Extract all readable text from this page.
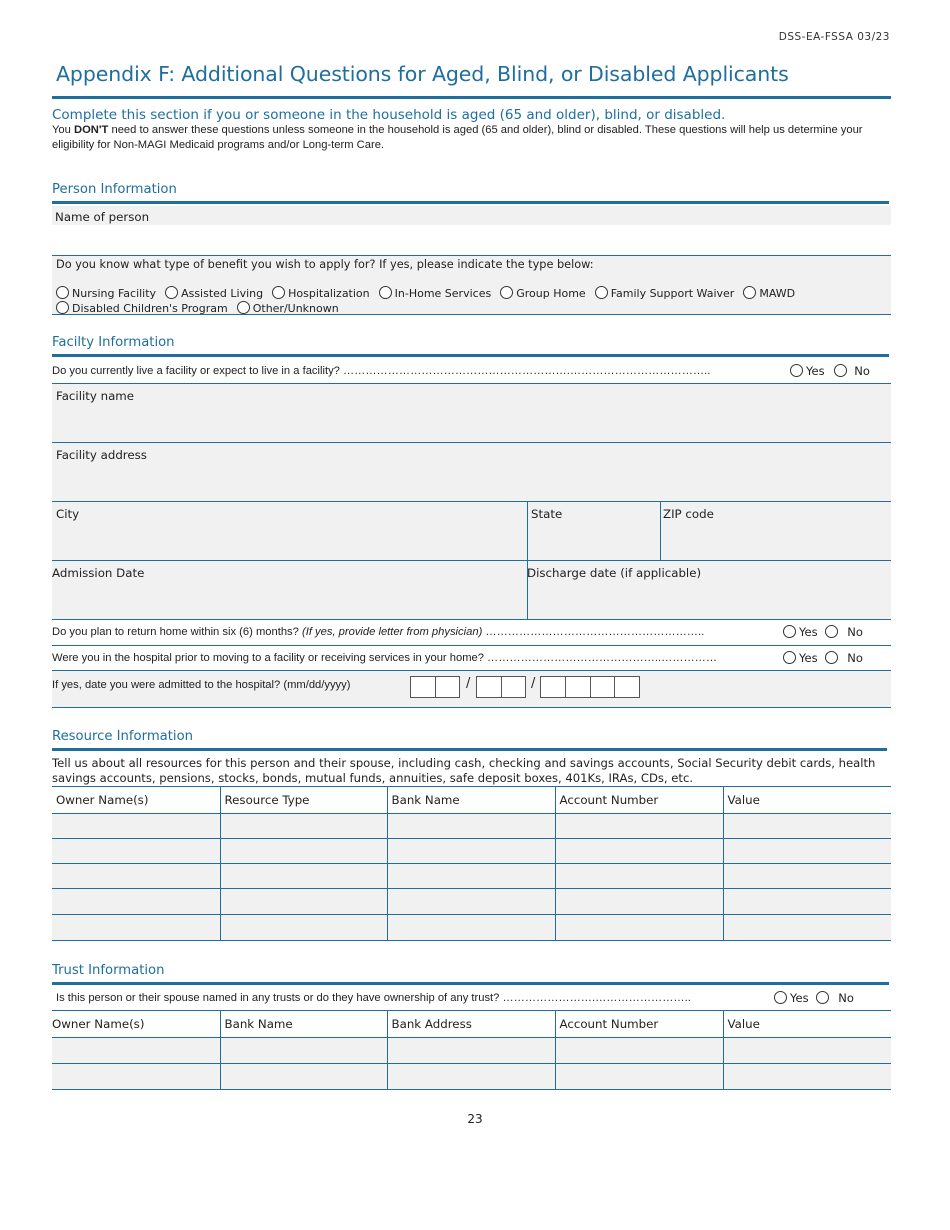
DSS-EA-FSSA 03/23
Appendix F: Additional Questions for Aged, Blind, or Disabled Applicants
Complete this section if you or someone in the household is aged (65 and older), blind, or disabled.
You DON'T need to answer these questions unless someone in the household is aged (65 and older), blind or disabled. These questions will help us determine your eligibility for Non-MAGI Medicaid programs and/or Long-term Care.
Person Information
Name of person
Do you know what type of benefit you wish to apply for? If yes, please indicate the type below:
Nursing Facility Assisted Living Hospitalization In-Home Services Group Home Family Support Waiver MAWD
Disabled Children's Program Other/Unknown
Facilty Information
Do you currently live a facility or expect to live in a facility? …………………………………………………….………………………………..	Yes	No
Facility name
Facility address
City	State	ZIP code
Admission Date	Discharge date (if applicable)
Do you plan to return home within six (6) months? (If yes, provide letter from physician) …………………………………………………..	Yes	No
Were you in the hospital prior to moving to a facility or receiving services in your home? ………………………………………..……………	Yes	No
If yes, date you were admitted to the hospital? (mm/dd/yyyy)	/	/
Resource Information
Tell us about all resources for this person and their spouse, including cash, checking and savings accounts, Social Security debit cards, health savings accounts, pensions, stocks, bonds, mutual funds, annuities, safe deposit boxes, 401Ks, IRAs, CDs, etc.
Owner Name(s)	Resource Type	Bank Name	Account Number	Value

Trust Information
Is this person or their spouse named in any trusts or do they have ownership of any trust? …………………….……………………..	Yes	No
Owner Name(s)	Bank Name	Bank Address	Account Number	Value

23
